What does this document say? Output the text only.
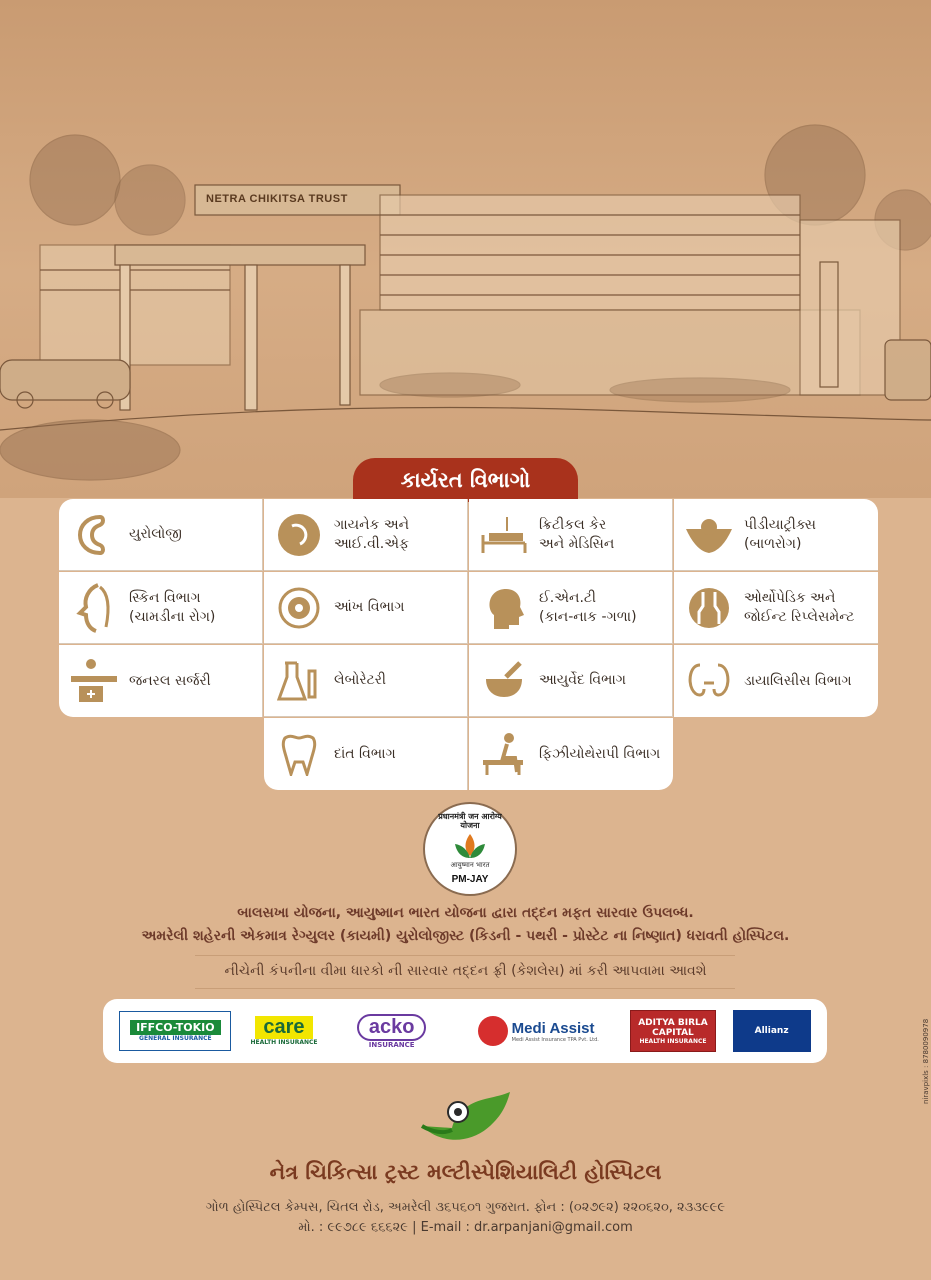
NETRA CHIKITSA TRUST
કાર્યરત વિભાગો
યુરોલોજી
ગાયનેક અને
આઈ.વી.એફ
ક્રિટીકલ કેર
અને મેડિસિન
પીડીયાટ્રીક્સ
(બાળરોગ)
સ્કિન વિભાગ
(ચામડીના રોગ)
આંખ વિભાગ
ઈ.એન.ટી
(કાન-નાક -ગળા)
ઓર્થોપેડિક અને
જોઈન્ટ રિપ્લેસમેન્ટ
જનરલ સર્જરી	લેબોરેટરી	આયુર્વેદ વિભાગ	ડાયાલિસીસ વિભાગ
દાંત વિભાગ	ફિઝીયોથેરાપી વિભાગ
प्रधानमंत्री जन आरोग्य योजना
आयुष्मान भारत
PM-JAY
બાલસખા યોજના, આયુષ્માન ભારત યોજના દ્વારા તદ્દન મફત સારવાર ઉપલબ્ધ.
અમરેલી શહેરની એકમાત્ર રેગ્યુલર (કાયમી) યુરોલોજીસ્ટ (કિડની - પથરી - પ્રોસ્ટેટ ના નિષ્ણાત) ધરાવતી હોસ્પિટલ.
નીચેની કંપનીના વીમા ધારકો ની સારવાર તદ્દન ફ્રી (કેશલેસ) માં કરી આપવામા આવશે
IFFCO-TOKIO
GENERAL INSURANCE
care
HEALTH INSURANCE
acko
INSURANCE
Medi Assist
Medi Assist Insurance TPA Pvt. Ltd.
ADITYA BIRLA CAPITAL
HEALTH INSURANCE
Allianz	niravpixls : 8780090978
નેત્ર ચિકિત્સા ટ્રસ્ટ મલ્ટીસ્પેશિયાલિટી હોસ્પિટલ
ગોળ હોસ્પિટલ કેમ્પસ, ચિતલ રોડ, અમરેલી ૩૬૫૬૦૧ ગુજરાત. ફોન : (૦૨૭૯૨) ૨૨૦૬૨૦, ૨૩૩૯૯૯
મો. : ૯૯૭૮૯ ૬૬૬૨૯ | E-mail : dr.arpanjani@gmail.com
